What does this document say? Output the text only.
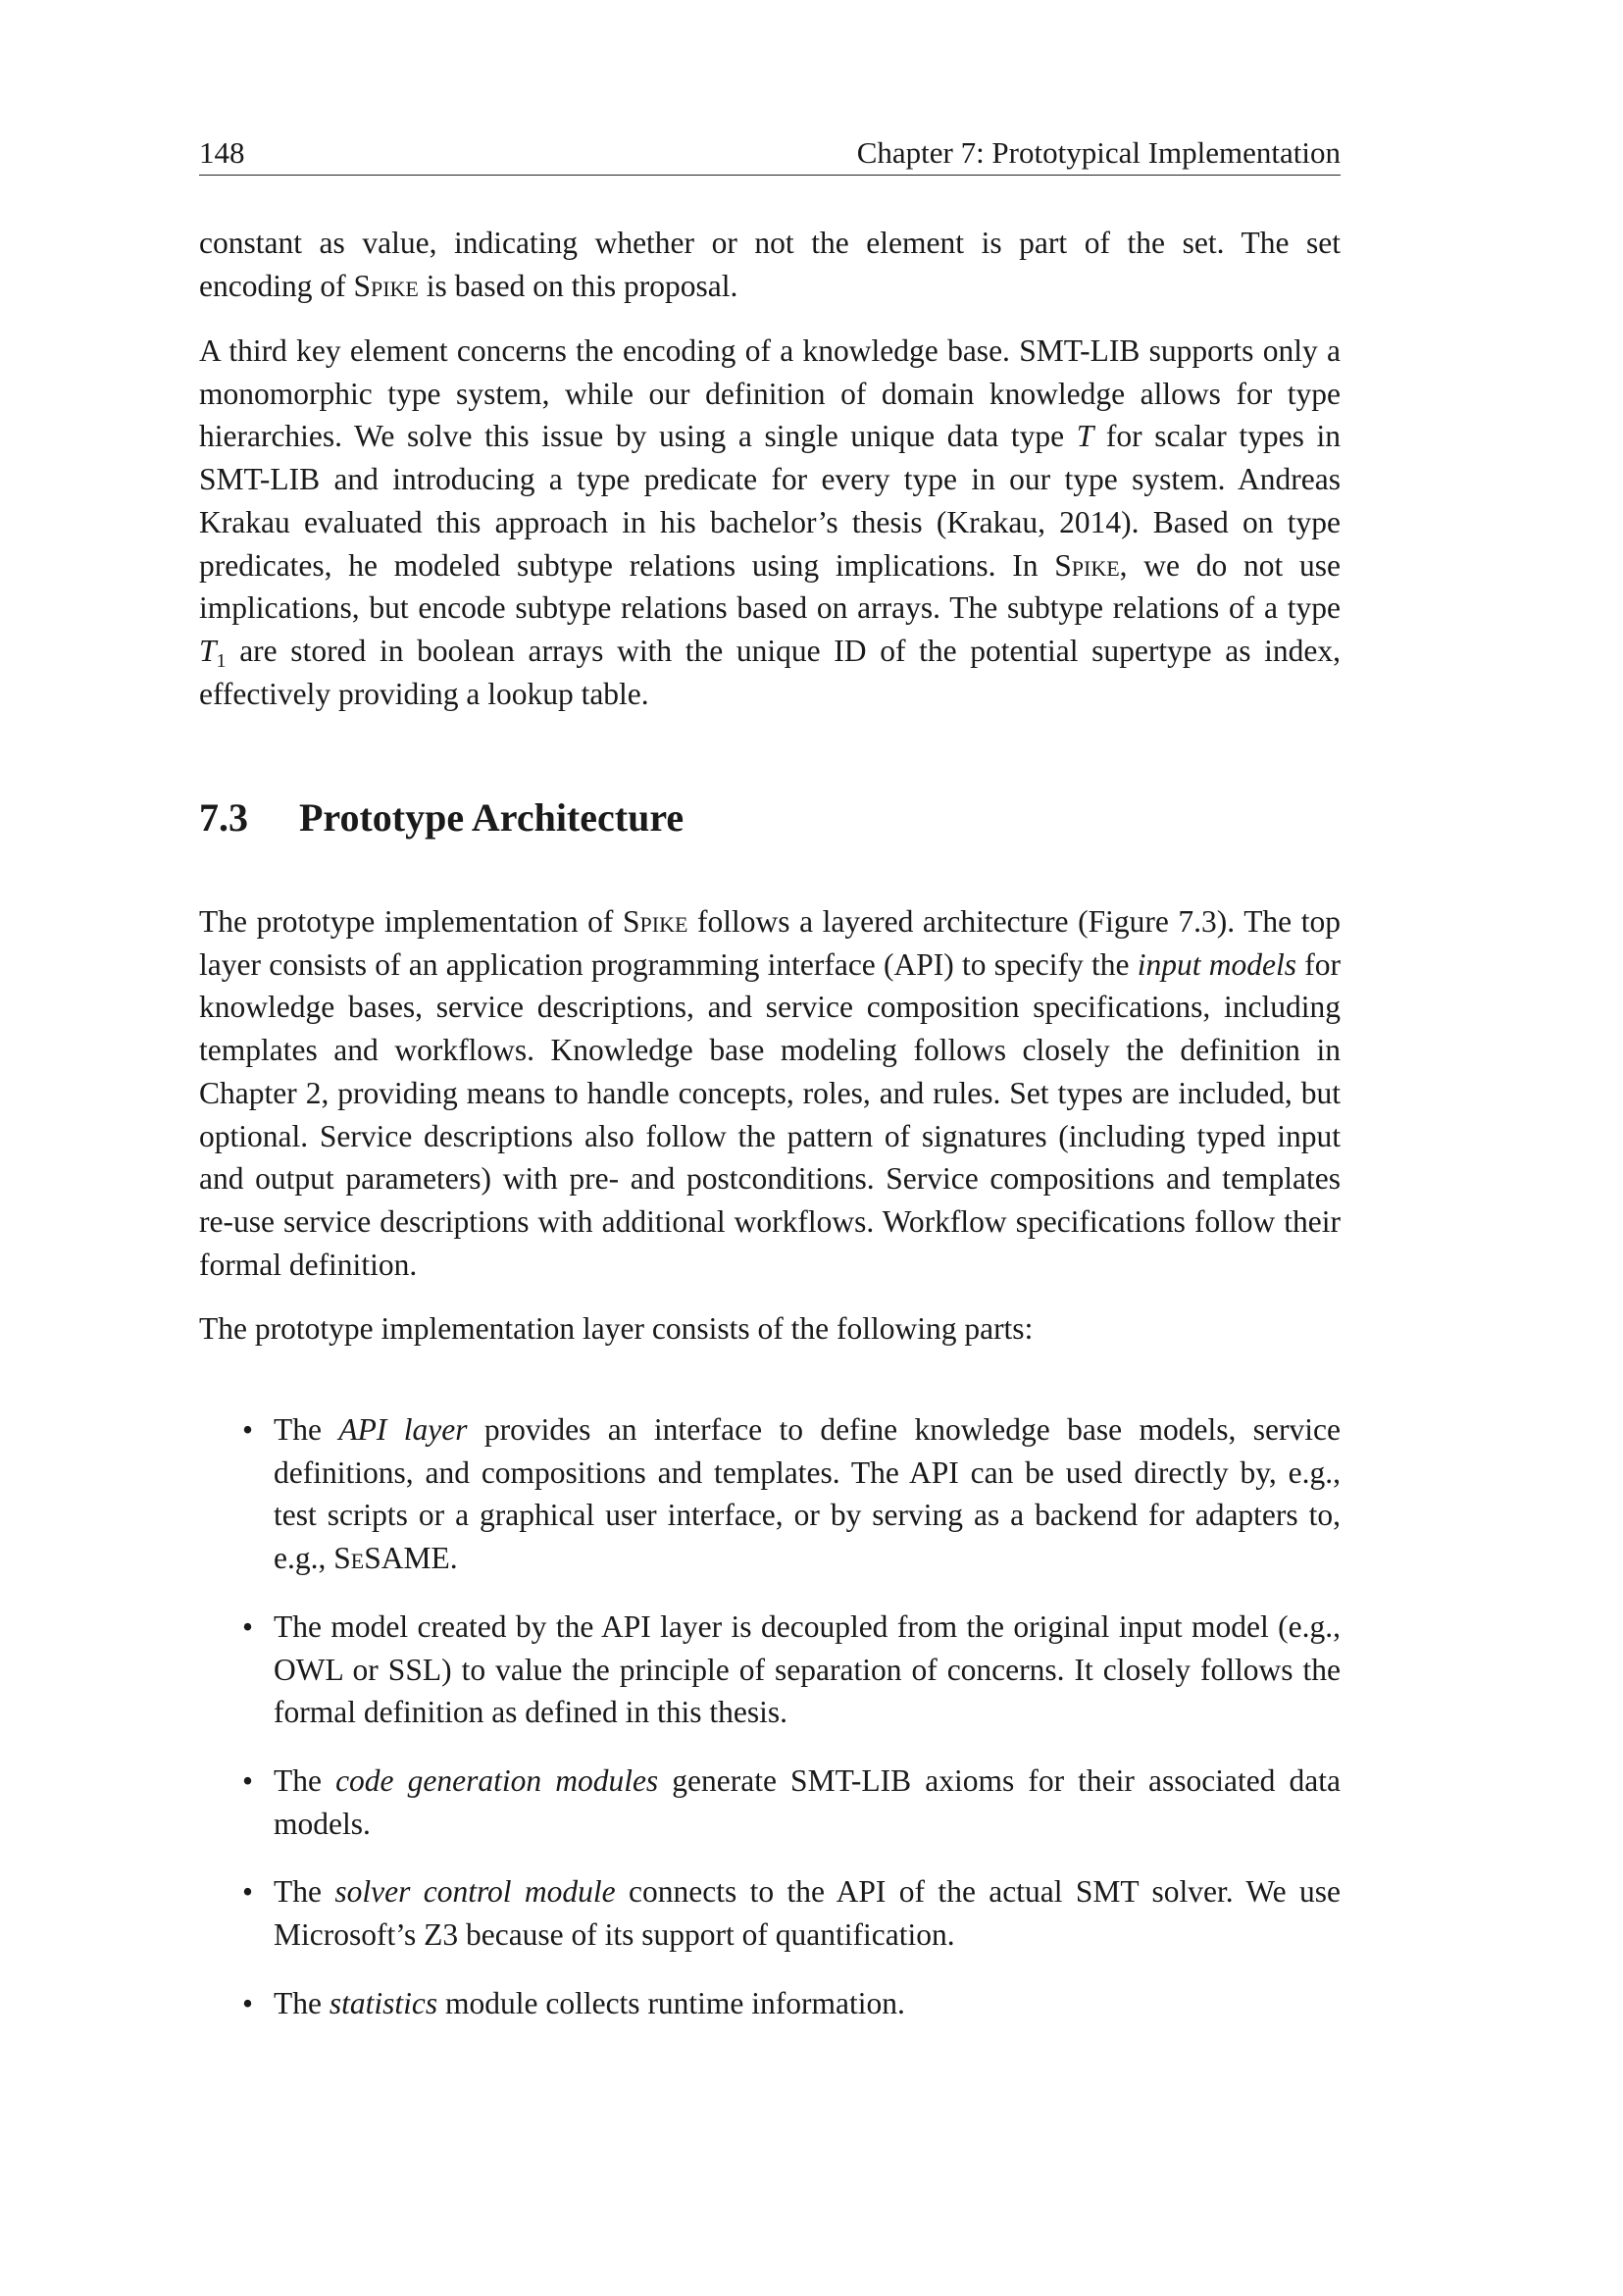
148	Chapter 7: Prototypical Implementation

constant as value, indicating whether or not the element is part of the set. The set

encoding of Spike is based on this proposal.

A third key element concerns the encoding of a knowledge base. SMT-LIB supports only a monomorphic type system, while our definition of domain knowledge allows for type hierarchies. We solve this issue by using a single unique data type T for scalar types in SMT-LIB and introducing a type predicate for every type in our type system. Andreas Krakau evaluated this approach in his bachelor’s thesis (Krakau, 2014). Based on type predicates, he modeled subtype relations using implications. In Spike, we do not use implications, but encode subtype relations based on arrays. The subtype relations of a type $T_1$ are stored in boolean arrays with the unique ID of the potential supertype as index, effectively providing a lookup table.

7.3 Prototype Architecture

The prototype implementation of Spike follows a layered architecture (Figure 7.3). The top layer consists of an application programming interface (API) to specify the input models for knowledge bases, service descriptions, and service composition specifications, including templates and workflows. Knowledge base modeling follows closely the definition in Chapter 2, providing means to handle concepts, roles, and rules. Set types are included, but optional. Service descriptions also follow the pattern of signatures (including typed input and output parameters) with pre- and postconditions. Service compositions and templates re-use service descriptions with additional workflows. Workflow specifications follow their formal definition.

The prototype implementation layer consists of the following parts:

• The API layer provides an interface to define knowledge base models, service definitions, and compositions and templates. The API can be used directly by, e.g., test scripts or a graphical user interface, or by serving as a backend for adapters to, e.g., SeSAME.
• The model created by the API layer is decoupled from the original input model (e.g., OWL or SSL) to value the principle of separation of concerns. It closely follows the formal definition as defined in this thesis.
• The code generation modules generate SMT-LIB axioms for their associated data models.
• The solver control module connects to the API of the actual SMT solver. We use Microsoft’s Z3 because of its support of quantification.
• The statistics module collects runtime information.
